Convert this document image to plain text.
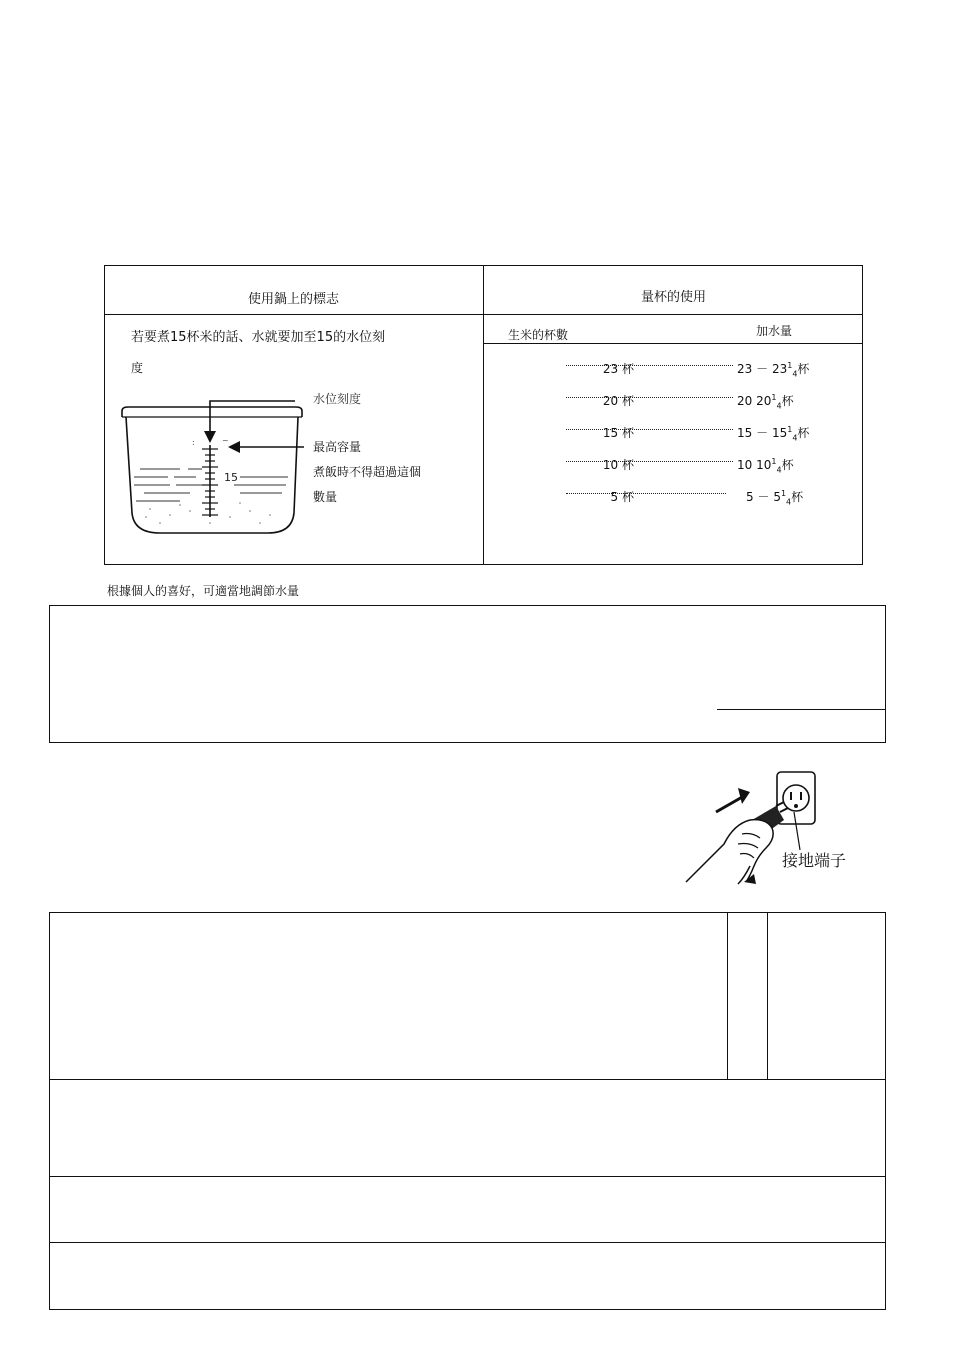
使用鍋上的標志	量杯的使用
若要煮15杯米的話、水就要加至15的水位刻
度
15
:	~
水位刻度
最高容量
煮飯時不得超過這個
數量
生米的杯數	加水量
23 杯	$23 - 23^1_4$杯
20 杯	20 $20^1_4$杯
15 杯	$15 - 15^1_4$杯
10 杯	10 $10^1_4$杯
5 杯	$5 - 5^1_4$杯
根據個人的喜好，可適當地調節水量
接地端子
